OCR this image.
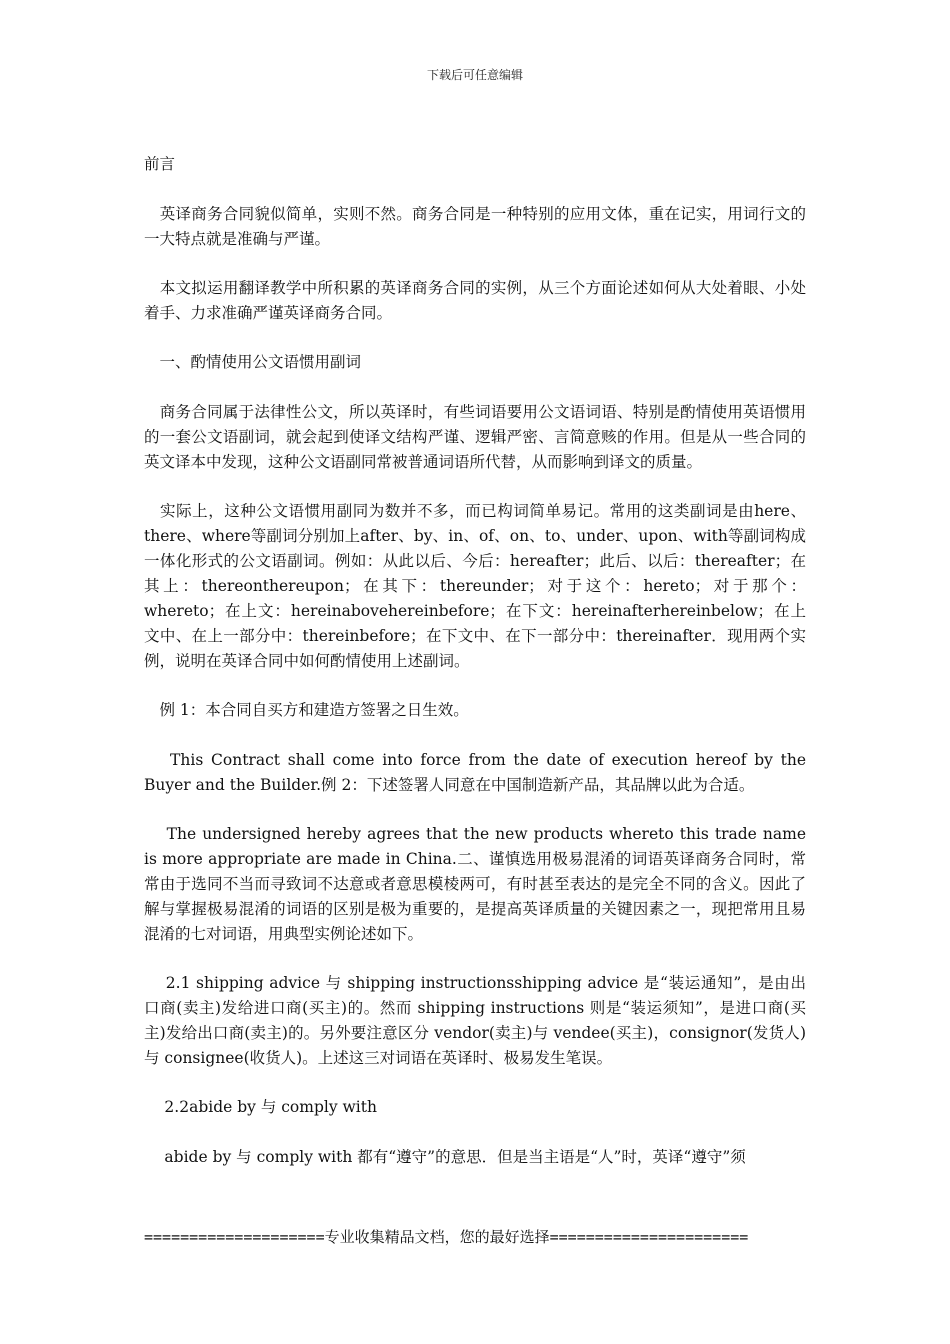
下载后可任意编辑

前言

　英译商务合同貌似简单，实则不然。商务合同是一种特别的应用文体，重在记实，用词行文的一大特点就是准确与严谨。

　本文拟运用翻译教学中所积累的英译商务合同的实例，从三个方面论述如何从大处着眼、小处着手、力求准确严谨英译商务合同。

　一、酌情使用公文语惯用副词

　商务合同属于法律性公文，所以英译时，有些词语要用公文语词语、特别是酌情使用英语惯用的一套公文语副词，就会起到使译文结构严谨、逻辑严密、言简意赅的作用。但是从一些合同的英文译本中发现，这种公文语副同常被普通词语所代替，从而影响到译文的质量。

　实际上，这种公文语惯用副同为数并不多，而已构词简单易记。常用的这类副词是由here、there、where等副词分别加上after、by、in、of、on、to、under、upon、with等副词构成一体化形式的公文语副词。例如：从此以后、今后：hereafter；此后、以后：thereafter；在其上：thereonthereupon；在其下：thereunder；对于这个：hereto；对于那个：whereto；在上文：hereinabovehereinbefore；在下文：hereinafterhereinbelow；在上文中、在上一部分中：thereinbefore；在下文中、在下一部分中：thereinafter．现用两个实例，说明在英译合同中如何酌情使用上述副词。

　例 1：本合同自买方和建造方签署之日生效。

　 This Contract shall come into force from the date of execution hereof by the Buyer and the Builder.例 2：下述签署人同意在中国制造新产品，其品牌以此为合适。

　 The undersigned hereby agrees that the new products whereto this trade name is more appropriate are made in China.二、谨慎选用极易混淆的词语英译商务合同时，常常由于选同不当而寻致词不达意或者意思模棱两可，有时甚至表达的是完全不同的含义。因此了解与掌握极易混淆的词语的区别是极为重要的，是提高英译质量的关键因素之一，现把常用且易混淆的七对词语，用典型实例论述如下。

　 2.1 shipping advice 与 shipping instructionsshipping advice 是“装运通知”，是由出口商(卖主)发给进口商(买主)的。然而 shipping instructions 则是“装运须知”，是进口商(买主)发给出口商(卖主)的。另外要注意区分 vendor(卖主)与 vendee(买主)，consignor(发货人)与 consignee(收货人)。上述这三对词语在英译时、极易发生笔误。

　 2.2abide by 与 comply with

　 abide by 与 comply with 都有“遵守”的意思．但是当主语是“人”时，英译“遵守”须

====================专业收集精品文档，您的最好选择======================
